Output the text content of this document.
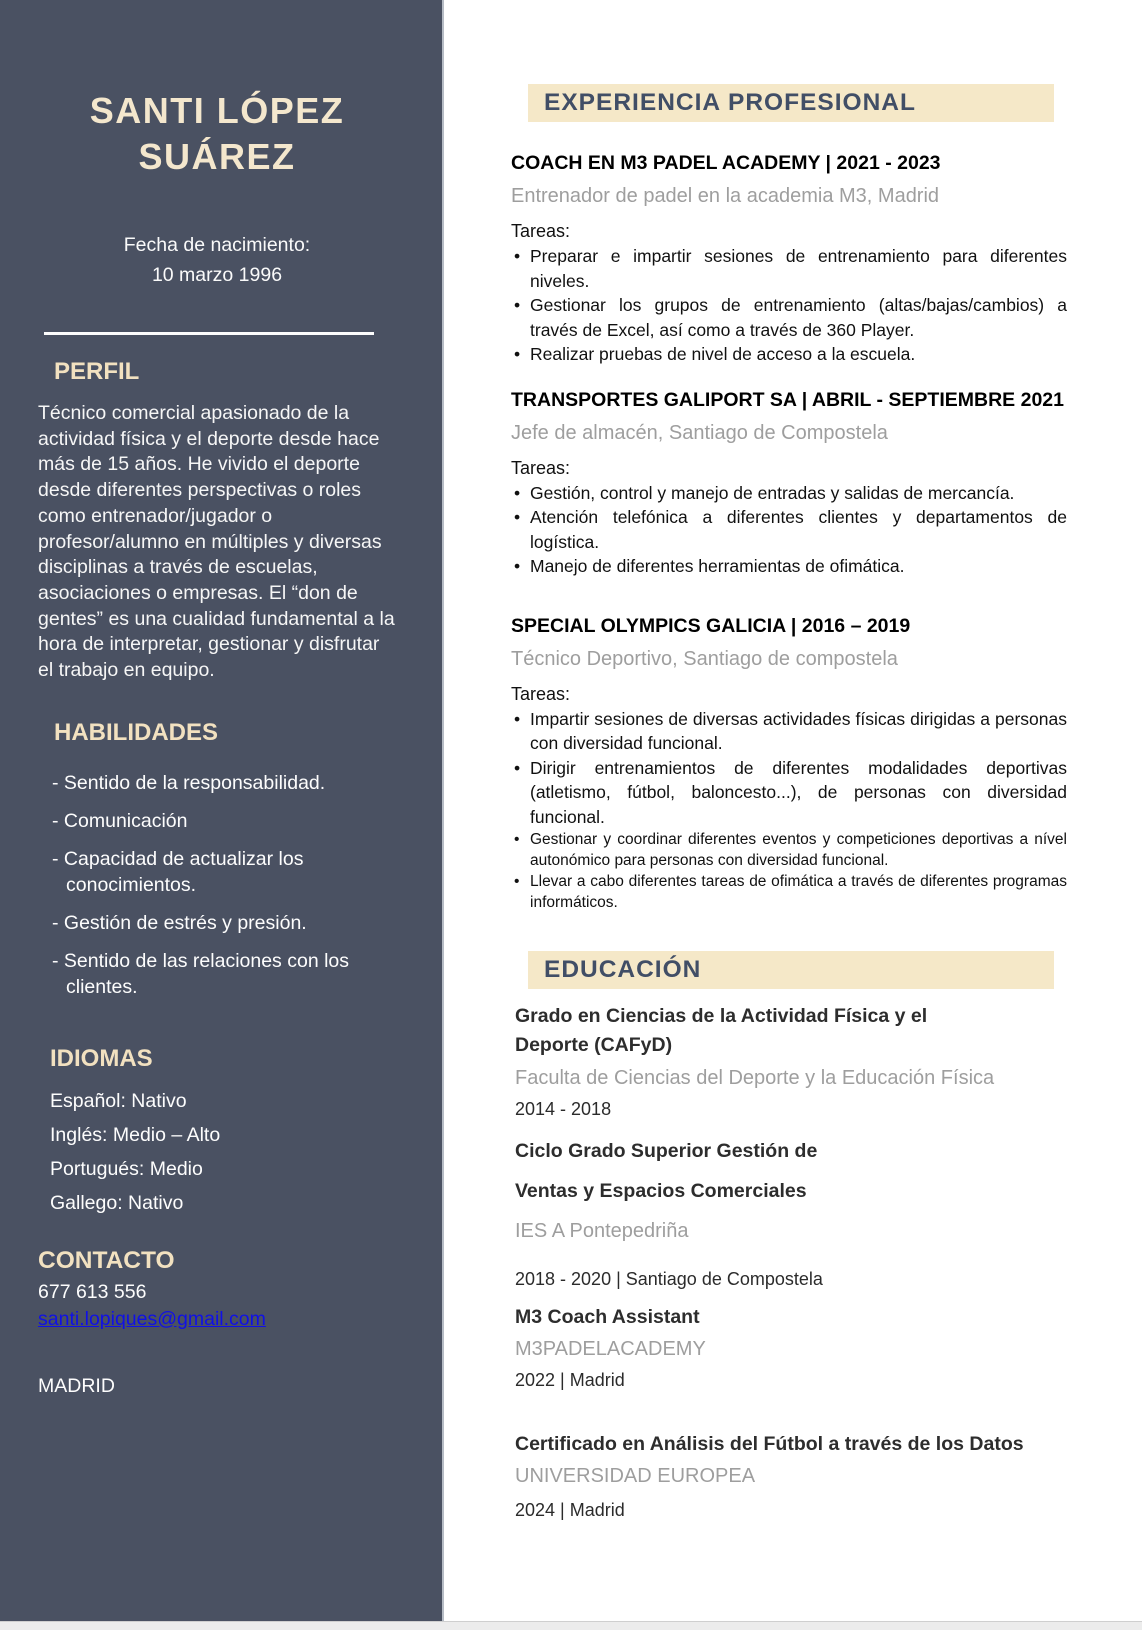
SANTI LÓPEZ SUÁREZ
Fecha de nacimiento:
10 marzo 1996
PERFIL

Técnico comercial apasionado de la actividad física y el deporte desde hace más de 15 años. He vivido el deporte desde diferentes perspectivas o roles como entrenador/jugador o profesor/alumno en múltiples y diversas disciplinas a través de escuelas, asociaciones o empresas. El “don de gentes” es una cualidad fundamental a la hora de interpretar, gestionar y disfrutar el trabajo en equipo.

HABILIDADES
- Sentido de la responsabilidad.
- Comunicación
- Capacidad de actualizar los conocimientos.
- Gestión de estrés y presión.
- Sentido de las relaciones con los clientes.
IDIOMAS
Español: Nativo
Inglés: Medio – Alto
Portugués: Medio
Gallego: Nativo
CONTACTO
677 613 556
santi.lopiques@gmail.com
MADRID
EXPERIENCIA PROFESIONAL
COACH EN M3 PADEL ACADEMY | 2021 - 2023
Entrenador de padel en la academia M3, Madrid
Tareas:
• Preparar e impartir sesiones de entrenamiento para diferentes niveles.
• Gestionar los grupos de entrenamiento (altas/bajas/cambios) a través de Excel, así como a través de 360 Player.
• Realizar pruebas de nivel de acceso a la escuela.
TRANSPORTES GALIPORT SA | ABRIL - SEPTIEMBRE 2021
Jefe de almacén, Santiago de Compostela
Tareas:
• Gestión, control y manejo de entradas y salidas de mercancía.
• Atención telefónica a diferentes clientes y departamentos de logística.
• Manejo de diferentes herramientas de ofimática.
SPECIAL OLYMPICS GALICIA | 2016 – 2019
Técnico Deportivo, Santiago de compostela
Tareas:
• Impartir sesiones de diversas actividades físicas dirigidas a personas con diversidad funcional.
• Dirigir entrenamientos de diferentes modalidades deportivas (atletismo, fútbol, baloncesto...), de personas con diversidad funcional.
• Gestionar y coordinar diferentes eventos y competiciones deportivas a nível autonómico para personas con diversidad funcional.
• Llevar a cabo diferentes tareas de ofimática a través de diferentes programas informáticos.
EDUCACIÓN
Grado en Ciencias de la Actividad Física y el Deporte (CAFyD)
Faculta de Ciencias del Deporte y la Educación Física
2014 - 2018
Ciclo Grado Superior Gestión de
Ventas y Espacios Comerciales
IES A Pontepedriña
2018 - 2020 | Santiago de Compostela
M3 Coach Assistant
M3PADELACADEMY
2022 | Madrid
Certificado en Análisis del Fútbol a través de los Datos
UNIVERSIDAD EUROPEA
2024 | Madrid
